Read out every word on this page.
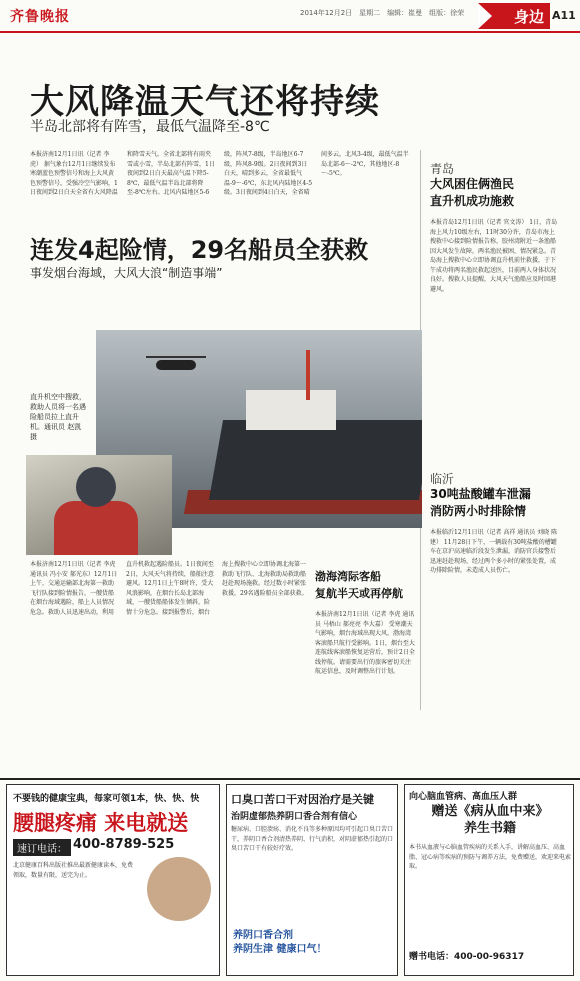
齐鲁晚报	2014年12月2日　星期二　编辑：崔曼　组版：徐荣	身边 A11
大风降温天气还将持续
半岛北部将有阵雪，最低气温降至-8℃
本报济南12月1日讯（记者 李虎） 据气象台12月1日继续发布寒潮蓝色预警信号和海上大风黄色预警信号，受强冷空气影响，1日夜间到2日白天全省有大风降温和降雪天气。全省北部将有雨夹雪或小雪，半岛北部有阵雪，1日夜间到2日白天最高气温下降5-8℃，最低气温半岛北部将降至-8℃左右。北风内陆地区5-6级，阵风7-8级，半岛地区6-7级，阵风8-9级。2日夜间到3日白天，晴到多云，全省最低气温-9～-6℃，东北风内陆地区4-5级。3日夜间到4日白天，全省晴间多云，北风3-4级，最低气温半岛北部-6～-2℃，其他地区-8～-5℃。
连发4起险情，29名船员全获救
事发烟台海域，大风大浪“制造事端”
直升机空中搜救，救助人员将一名遇险船员拉上直升机。通讯员 赵凯 摄
本报济南12月1日讯（记者 李虎 通讯员 冯小安 郝光东）12月1日上午，交通运输部北海第一救助飞行队接到险情报告，一艘货船在烟台海域遇险，船上人员情况危急。救助人员迅速出动，利用直升机救起遇险船员。1日夜间至2日，大风天气将持续，船舶注意避风。12月1日上午8时许，受大风浪影响，在烟台长岛北部海域，一艘货船船体发生倾斜，险情十分危急。接到报警后，烟台海上搜救中心立即协调北海第一救助飞行队、北海救助局救助船赶赴现场施救。经过数小时紧张救援，29名遇险船员全部获救。
渤海湾际客船
复航半天或再停航
本报济南12月1日讯（记者 李虎 通讯员 马梧山 郝亮亮 李大嘉） 受寒潮天气影响，烟台海域出现大风，渤海湾客滚船只航行受影响。1日，烟台至大连航线客滚船恢复运营后，预计2日全线停航。请需要出行的旅客密切关注航运信息，及时调整出行计划。
青岛
大风困住俩渔民
直升机成功施救
本报青岛12月1日讯（记者 官文涛） 1日，青岛海上风力10级左右，11时30分许，青岛市海上搜救中心接到险情报告称，胶州湾附近一条渔船因大风发生故障，两名渔民被困，情况紧急。青岛海上搜救中心立即协调直升机前往救援，于下午成功将两名渔民救起送医，目前两人身体状况良好。搜救人员提醒，大风天气渔船应及时回港避风。
临沂
30吨盐酸罐车泄漏
消防两小时排除情
本报临沂12月1日讯（记者 高祥 通讯员 刘晓 陈建） 11月28日下午，一辆载有30吨盐酸的槽罐车在京沪高速临沂段发生泄漏，消防官兵接警后迅速赶赴现场，经过两个多小时的紧张处置，成功排除险情，未造成人员伤亡。
不要钱的健康宝典，每家可领1本，快、快、快
腰腿疼痛 来电就送
速订电话： 400-8789-525
北京健康百科出版社推出最新健康读本，免费领取，数量有限，送完为止。
口臭口苦口干对因治疗是关键
治阴虚郁热养阴口香合剂有信心
糖尿病、口腔溃疡、消化不良等多种原因均可引起口臭口苦口干，养阴口香合剂清热养阴、行气消积，对阴虚郁热引起的口臭口苦口干有较好疗效。
养阴口香合剂
养阴生津 健康口气！
向心脑血管病、高血压人群
赠送《病从血中来》
养生书籍
本书从血液与心脑血管疾病的关系入手，讲解高血压、高血脂、冠心病等疾病的预防与调养方法，免费赠送，欢迎来电索取。
赠书电话：400-00-96317
